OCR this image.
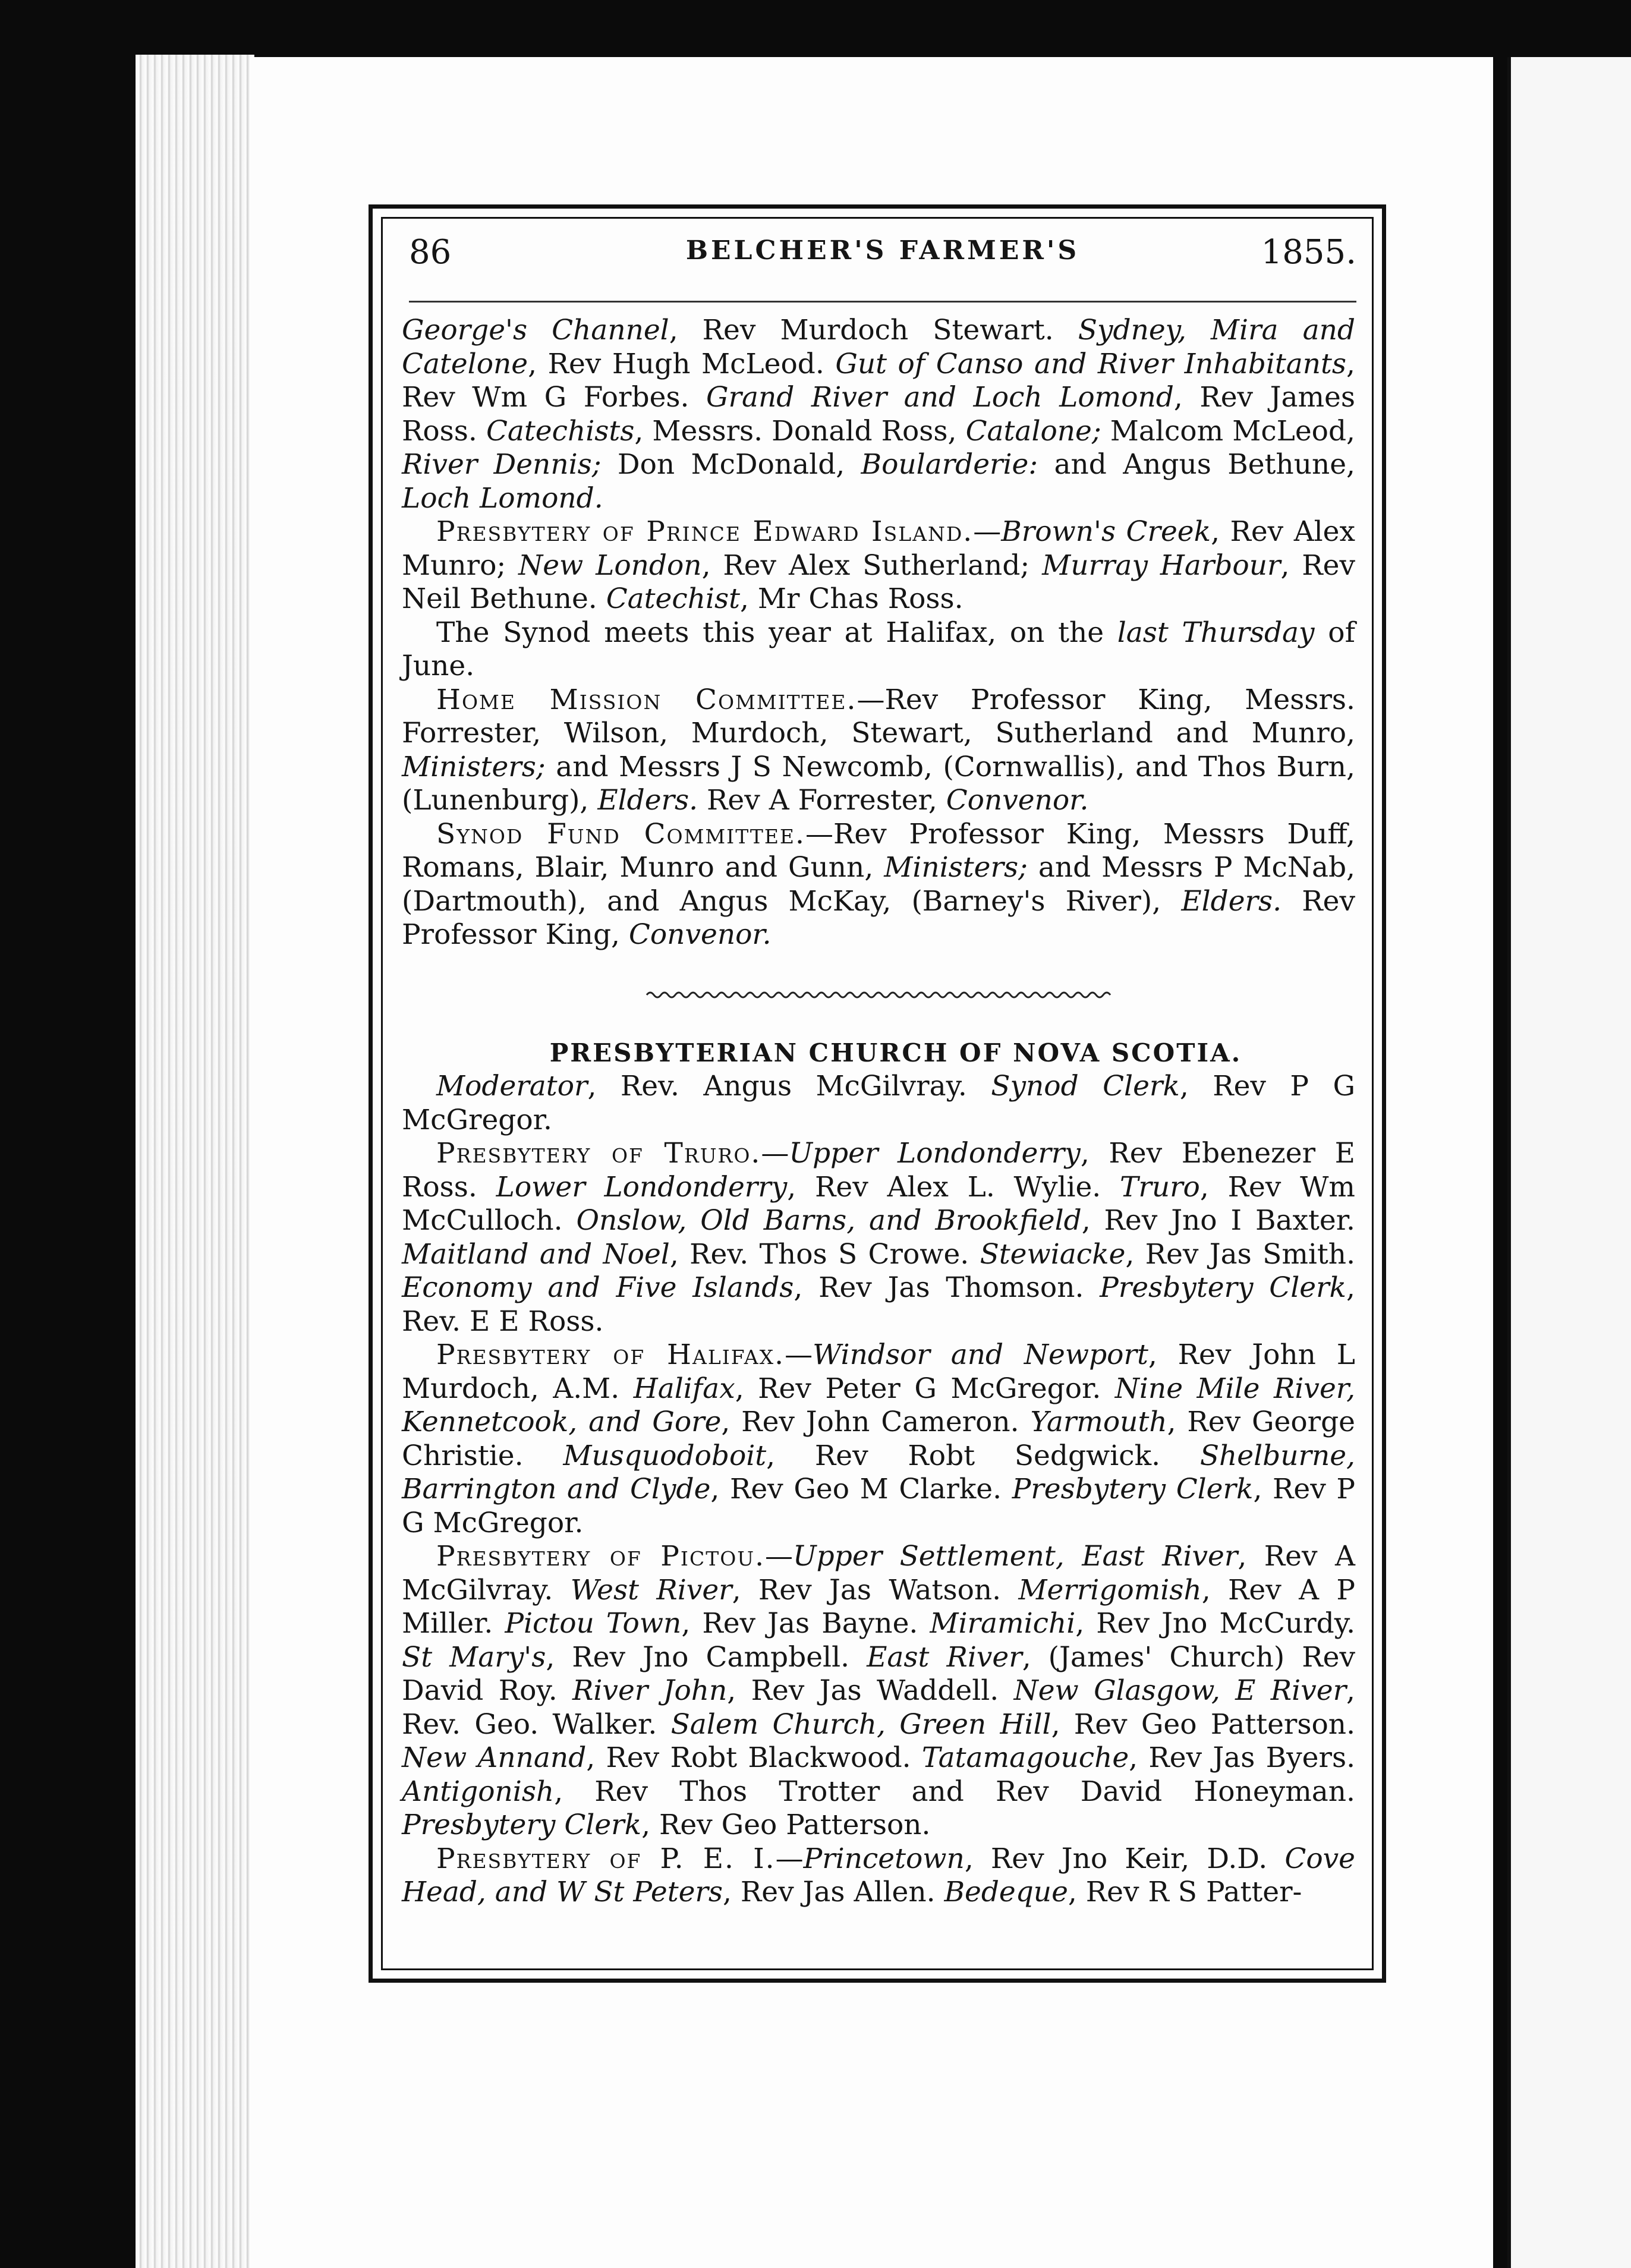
86	BELCHER'S FARMER'S	1855.

George's Channel, Rev Murdoch Stewart. Sydney, Mira and Catelone, Rev Hugh McLeod. Gut of Canso and River Inhabitants, Rev Wm G Forbes. Grand River and Loch Lomond, Rev James Ross. Catechists, Messrs. Donald Ross, Catalone; Malcom McLeod, River Dennis; Don McDonald, Boularderie: and Angus Bethune, Loch Lomond.

Presbytery of Prince Edward Island.—Brown's Creek, Rev Alex Munro; New London, Rev Alex Sutherland; Murray Harbour, Rev Neil Bethune. Catechist, Mr Chas Ross.

The Synod meets this year at Halifax, on the last Thursday of June.

Home Mission Committee.—Rev Professor King, Messrs. Forrester, Wilson, Murdoch, Stewart, Sutherland and Munro, Ministers; and Messrs J S Newcomb, (Cornwallis), and Thos Burn, (Lunenburg), Elders. Rev A Forrester, Convenor.

Synod Fund Committee.—Rev Professor King, Messrs Duff, Romans, Blair, Munro and Gunn, Ministers; and Messrs P McNab, (Dartmouth), and Angus McKay, (Barney's River), Elders. Rev Professor King, Convenor.

PRESBYTERIAN CHURCH OF NOVA SCOTIA.

Moderator, Rev. Angus McGilvray. Synod Clerk, Rev P G McGregor.

Presbytery of Truro.—Upper Londonderry, Rev Ebenezer E Ross. Lower Londonderry, Rev Alex L. Wylie. Truro, Rev Wm McCulloch. Onslow, Old Barns, and Brookfield, Rev Jno I Baxter. Maitland and Noel, Rev. Thos S Crowe. Stewiacke, Rev Jas Smith. Economy and Five Islands, Rev Jas Thomson. Presbytery Clerk, Rev. E E Ross.

Presbytery of Halifax.—Windsor and Newport, Rev John L Murdoch, A.M. Halifax, Rev Peter G McGregor. Nine Mile River, Kennetcook, and Gore, Rev John Cameron. Yarmouth, Rev George Christie. Musquodoboit, Rev Robt Sedgwick. Shelburne, Barrington and Clyde, Rev Geo M Clarke. Presbytery Clerk, Rev P G McGregor.

Presbytery of Pictou.—Upper Settlement, East River, Rev A McGilvray. West River, Rev Jas Watson. Merrigomish, Rev A P Miller. Pictou Town, Rev Jas Bayne. Miramichi, Rev Jno McCurdy. St Mary's, Rev Jno Campbell. East River, (James' Church) Rev David Roy. River John, Rev Jas Waddell. New Glasgow, E River, Rev. Geo. Walker. Salem Church, Green Hill, Rev Geo Patterson. New Annand, Rev Robt Blackwood. Tatamagouche, Rev Jas Byers. Antigonish, Rev Thos Trotter and Rev David Honeyman. Presbytery Clerk, Rev Geo Patterson.

Presbytery of P. E. I.—Princetown, Rev Jno Keir, D.D. Cove Head, and W St Peters, Rev Jas Allen. Bedeque, Rev R S Patter-
